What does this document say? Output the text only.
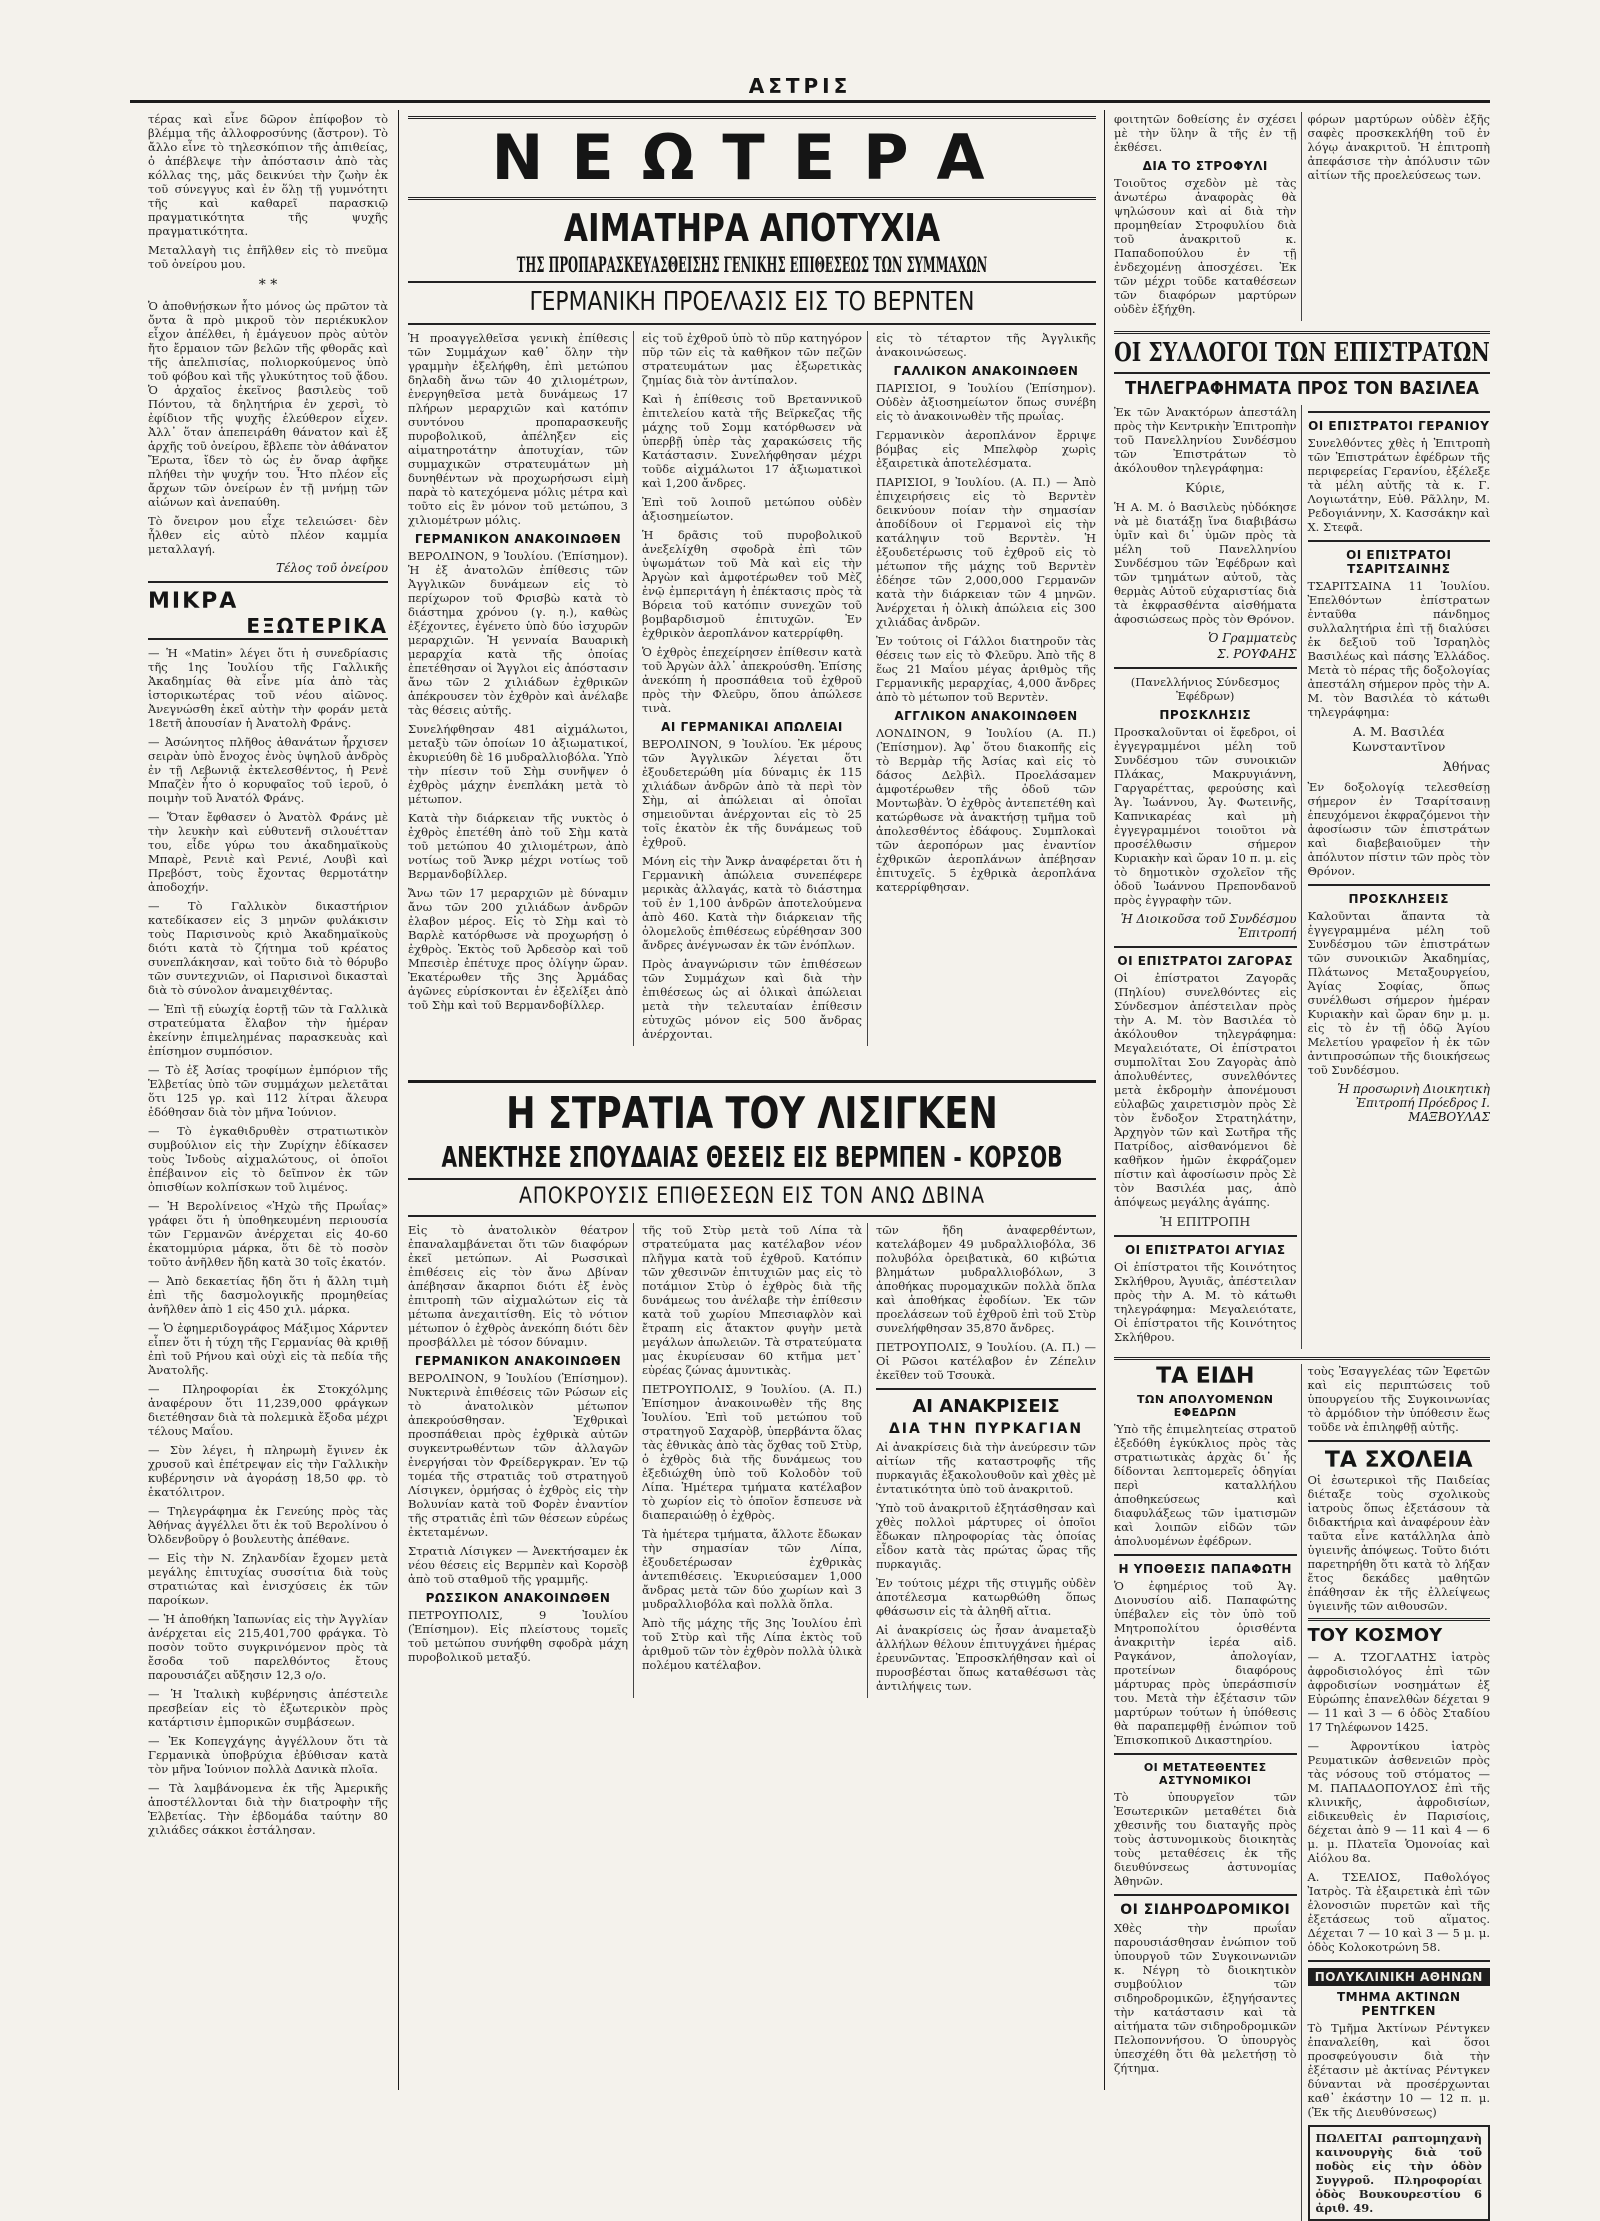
ΑΣΤΡΙΣ

τέρας καὶ εἶνε δῶρον ἐπίφοβον τὸ βλέμμα τῆς ἀλλοφροσύνης (ἄστρον). Τὸ ἄλλο εἶνε τὸ τηλεσκόπιον τῆς ἀπιθείας, ὁ ἀπέβλεψε τὴν ἀπόστασιν ἀπὸ τὰς κόλλας της, μᾶς δεικνύει τὴν ζωὴν ἐκ τοῦ σύνεγγυς καὶ ἐν ὅλῃ τῇ γυμνότητι τῆς καὶ καθαρεῖ παρασκιῷ πραγματικότητα τῆς ψυχῆς πραγματικότητα.

Μεταλλαγὴ τις ἐπῆλθεν εἰς τὸ πνεῦμα τοῦ ὀνείρου μου.

* *

Ὁ ἀποθνῄσκων ἦτο μόνος ὡς πρῶτον τὰ ὄντα ἃ πρὸ μικροῦ τὸν περιέκυκλον εἶχον ἀπέλθει, ἡ ἐμάγευον πρὸς αὐτὸν ἤτο ἔρμαιον τῶν βελῶν τῆς φθορᾶς καὶ τῆς ἀπελπισίας, πολιορκούμενος ὑπὸ τοῦ φόβου καὶ τῆς γλυκύτητος τοῦ ᾅδου. Ὁ ἀρχαῖος ἐκεῖνος βασιλεὺς τοῦ Πόντου, τὰ δηλητήρια ἐν χερσὶ, τὸ ἐφίδιον τῆς ψυχῆς ἐλεύθερον εἶχεν. Ἀλλ᾿ ὅταν ἀπεπειράθη θάνατον καὶ ἐξ ἀρχῆς τοῦ ὀνείρου, ἔβλεπε τὸν ἀθάνατον Ἔρωτα, ἴδεν τὸ ὡς ἐν ὄναρ ἀφῆκε πλήθει τὴν ψυχήν του. Ἦτο πλέον εἶς ἄρχων τῶν ὀνείρων ἐν τῇ μνήμῃ τῶν αἰώνων καὶ ἀνεπαύθη.

Τὸ ὄνειρον μου εἶχε τελειώσει· δὲν ἦλθεν εἰς αὐτὸ πλέον καμμία μεταλλαγή.

Τέλος τοῦ ὀνείρου

ΜΙΚΡΑ
ΕΞΩΤΕΡΙΚΑ

— Ἡ «Matin» λέγει ὅτι ἡ συνεδρίασις τῆς 1ης Ἰουλίου τῆς Γαλλικῆς Ἀκαδημίας θὰ εἶνε μία ἀπὸ τὰς ἱστορικωτέρας τοῦ νέου αἰῶνος. Ἀνεγνώσθη ἐκεῖ αὐτὴν τὴν φοράν μετὰ 18ετῆ ἀπουσίαν ἡ Ἀνατολὴ Φράνς.

— Ἀσώνητος πλῆθος ἀθανάτων ἦρχισεν σειρὰν ὑπὸ ἔνοχος ἐνὸς ὑψηλοῦ ἀνδρὸς ἐν τῇ Λεβωνιᾷ ἐκτελεσθέντος, ἡ Ρενὲ Μπαζὲν ἦτο ὁ κορυφαῖος τοῦ ἱεροῦ, ὁ ποιμὴν τοῦ Ἀνατόλ Φράνς.

— Ὅταν ἔφθασεν ὁ Ἀνατὸλ Φράνς μὲ τὴν λευκὴν καὶ εὐθυτενῆ σιλουέτταν του, εἶδε γύρω του ἀκαδημαϊκοὺς Μπαρὲ, Ρενιὲ καὶ Ρενιέ, Λουβὶ καὶ Πρεβόστ, τοὺς ἔχοντας θερμοτάτην ἀποδοχήν.

— Τὸ Γαλλικὸν δικαστήριον κατεδίκασεν εἰς 3 μηνῶν φυλάκισιν τοὺς Παρισινοὺς κριὸ Ἀκαδημαϊκοὺς διότι κατὰ τὸ ζήτημα τοῦ κρέατος συνεπλάκησαν, καὶ τοῦτο διὰ τὸ θόρυβο τῶν συντεχνιῶν, οἱ Παρισινοὶ δικασταὶ διὰ τὸ σύνολον ἀναμειχθέντας.

— Ἐπὶ τῇ εὐωχίᾳ ἑορτῇ τῶν τὰ Γαλλικὰ στρατεύματα ἔλαβον τὴν ἡμέραν ἐκείνην ἐπιμελημένας παρασκευὰς καὶ ἐπίσημον συμπόσιον.

— Τὸ ἐξ Ἀσίας τροφίμων ἐμπόριον τῆς Ἑλβετίας ὑπὸ τῶν συμμάχων μελετᾶται ὅτι 125 γρ. καὶ 112 λίτραι ἄλευρα ἐδόθησαν διὰ τὸν μῆνα Ἰούνιον.

— Τὸ ἐγκαθιδρυθὲν στρατιωτικὸν συμβούλιον εἰς τὴν Ζυρίχην ἐδίκασεν τοὺς Ἰνδοὺς αἰχμαλώτους, οἱ ὁποῖοι ἐπέβαινον εἰς τὸ δεῖπνον ἐκ τῶν ὀπισθίων κολπίσκων τοῦ λιμένος.

— Ἡ Βερολίνειος «Ἠχὼ τῆς Πρωΐας» γράφει ὅτι ἡ ὑποθηκευμένη περιουσία τῶν Γερμανῶν ἀνέρχεται εἰς 40-60 ἑκατομμύρια μάρκα, ὅτι δὲ τὸ ποσὸν τοῦτο ἀνῆλθεν ἤδη κατὰ 30 τοῖς ἑκατόν.

— Ἀπὸ δεκαετίας ἤδη ὅτι ἡ ἄλλη τιμὴ ἐπὶ τῆς δασμολογικῆς προμηθείας ἀνῆλθεν ἀπὸ 1 εἰς 450 χιλ. μάρκα.

— Ὁ ἐφημεριδογράφος Μάξιμος Χάρντεν εἶπεν ὅτι ἡ τύχη τῆς Γερμανίας θὰ κριθῇ ἐπὶ τοῦ Ρήνου καὶ οὐχὶ εἰς τὰ πεδία τῆς Ἀνατολῆς.

— Πληροφορίαι ἐκ Στοκχόλμης ἀναφέρουν ὅτι 11,239,000 φράγκων διετέθησαν διὰ τὰ πολεμικὰ ἔξοδα μέχρι τέλους Μαΐου.

— Σὺν λέγει, ἡ πληρωμὴ ἔγινεν ἐκ χρυσοῦ καὶ ἐπέτρεψαν εἰς τὴν Γαλλικὴν κυβέρνησιν νὰ ἀγοράσῃ 18,50 φρ. τὸ ἑκατόλιτρον.

— Τηλεγράφημα ἐκ Γενεύης πρὸς τὰς Ἀθήνας ἀγγέλλει ὅτι ἐκ τοῦ Βερολίνου ὁ Ὀλδενβοῦργ ὁ βουλευτὴς ἀπέθανε.

— Εἰς τὴν Ν. Ζηλανδίαν ἔχομεν μετὰ μεγάλης ἐπιτυχίας συσσίτια διὰ τοὺς στρατιώτας καὶ ἐνισχύσεις ἐκ τῶν παροίκων.

— Ἡ ἀποθήκη Ἰαπωνίας εἰς τὴν Ἀγγλίαν ἀνέρχεται εἰς 215,401,700 φράγκα. Τὸ ποσὸν τοῦτο συγκρινόμενον πρὸς τὰ ἔσοδα τοῦ παρελθόντος ἔτους παρουσιάζει αὔξησιν 12,3 ο/ο.

— Ἡ Ἰταλικὴ κυβέρνησις ἀπέστειλε πρεσβείαν εἰς τὸ ἐξωτερικὸν πρὸς κατάρτισιν ἐμπορικῶν συμβάσεων.

— Ἐκ Κοπεγχάγης ἀγγέλλουν ὅτι τὰ Γερμανικὰ ὑποβρύχια ἐβύθισαν κατὰ τὸν μῆνα Ἰούνιον πολλὰ Δανικὰ πλοῖα.

— Τὰ λαμβάνομενα ἐκ τῆς Ἀμερικῆς ἀποστέλλονται διὰ τὴν διατροφὴν τῆς Ἑλβετίας. Τὴν ἐβδομάδα ταύτην 80 χιλιάδες σάκκοι ἐστάλησαν.

ΝΕΩΤΕΡΑ

ΑΙΜΑΤΗΡΑ ΑΠΟΤΥΧΙΑ

ΤΗΣ ΠΡΟΠΑΡΑΣΚΕΥΑΣΘΕΙΣΗΣ ΓΕΝΙΚΗΣ ΕΠΙΘΕΣΕΩΣ ΤΩΝ ΣΥΜΜΑΧΩΝ

ΓΕΡΜΑΝΙΚΗ ΠΡΟΕΛΑΣΙΣ ΕΙΣ ΤΟ ΒΕΡΝΤΕΝ

Ἡ προαγγελθεῖσα γενικὴ ἐπίθεσις τῶν Συμμάχων καθ᾿ ὅλην τὴν γραμμὴν ἐξελήφθη, ἐπὶ μετώπου δηλαδὴ ἄνω τῶν 40 χιλιομέτρων, ἐνεργηθεῖσα μετὰ δυνάμεως 17 πλήρων μεραρχιῶν καὶ κατόπιν συντόνου προπαρασκευῆς πυροβολικοῦ, ἀπέληξεν εἰς αἱματηροτάτην ἀποτυχίαν, τῶν συμμαχικῶν στρατευμάτων μὴ δυνηθέντων νὰ προχωρήσωσι εἰμὴ παρὰ τὸ κατεχόμενα μόλις μέτρα καὶ τοῦτο εἰς ἓν μόνον τοῦ μετώπου, 3 χιλιομέτρων μόλις.

ΓΕΡΜΑΝΙΚΟΝ ΑΝΑΚΟΙΝΩΘΕΝ

ΒΕΡΟΛΙΝΟΝ, 9 Ἰουλίου. (Ἐπίσημον). Ἡ ἐξ ἀνατολῶν ἐπίθεσις τῶν Ἀγγλικῶν δυνάμεων εἰς τὸ περίχωρον τοῦ Φρισβὼ κατὰ τὸ διάστημα χρόνου (γ. η.), καθὼς ἐξέχοντες, ἐγένετο ὑπὸ δύο ἰσχυρῶν μεραρχιῶν. Ἡ γενναία Βαυαρικὴ μεραρχία κατὰ τῆς ὁποίας ἐπετέθησαν οἱ Ἄγγλοι εἰς ἀπόστασιν ἄνω τῶν 2 χιλιάδων ἐχθρικῶν ἀπέκρουσεν τὸν ἐχθρὸν καὶ ἀνέλαβε τὰς θέσεις αὐτῆς.

Συνελήφθησαν 481 αἰχμάλωτοι, μεταξὺ τῶν ὁποίων 10 ἀξιωματικοί, ἐκυριεύθη δὲ 16 μυδραλλιοβόλα. Ὑπὸ τὴν πίεσιν τοῦ Σὴμ συνῆψεν ὁ ἐχθρὸς μάχην ἐνεπλάκη μετὰ τὸ μέτωπον.

Κατὰ τὴν διάρκειαν τῆς νυκτὸς ὁ ἐχθρὸς ἐπετέθη ἀπὸ τοῦ Σὴμ κατὰ τοῦ μετώπου 40 χιλιομέτρων, ἀπὸ νοτίως τοῦ Ἄνκρ μέχρι νοτίως τοῦ Βερμανδοβίλλερ.

Ἄνω τῶν 17 μεραρχιῶν μὲ δύναμιν ἄνω τῶν 200 χιλιάδων ἀνδρῶν ἐλαβον μέρος. Εἰς τὸ Σὴμ καὶ τὸ Βαρλὲ κατόρθωσε νὰ προχωρήσῃ ὁ ἐχθρὸς. Ἐκτὸς τοῦ Ἀρδεσὸρ καὶ τοῦ Μπεσιὲρ ἐπέτυχε προς ὀλίγην ὥραν. Ἐκατέρωθεν τῆς 3ης Ἀρμάδας ἀγῶνες εὑρίσκονται ἐν ἐξελίξει ἀπὸ τοῦ Σὴμ καὶ τοῦ Βερμανδοβίλλερ.

εἰς τοῦ ἐχθροῦ ὑπὸ τὸ πῦρ κατηγόρον πῦρ τῶν εἰς τὰ καθῆκον τῶν πεζῶν στρατευμάτων μας ἐξωρετικὰς ζημίας διὰ τὸν ἀντίπαλον.

Καὶ ἡ ἐπίθεσις τοῦ Βρεταννικοῦ ἐπιτελείου κατὰ τῆς Βεϊρκεζας τῆς μάχης τοῦ Σομμ κατόρθωσεν νὰ ὑπερβῇ ὑπὲρ τὰς χαρακώσεις τῆς Κατάστασιν. Συνελήφθησαν μέχρι τοῦδε αἰχμάλωτοι 17 ἀξιωματικοὶ καὶ 1,200 ἄνδρες.

Ἐπὶ τοῦ λοιποῦ μετώπου οὐδὲν ἀξιοσημείωτον.

Ἡ δρᾶσις τοῦ πυροβολικοῦ ἀνεξελίχθη σφοδρὰ ἐπὶ τῶν ὑψωμάτων τοῦ Μὰ καὶ εἰς τὴν Ἀργὼν καὶ ἀμφοτέρωθεν τοῦ Μὲζ ἐνῷ ἐμπεριτάγη ἡ ἐπέκτασις πρὸς τὰ Βόρεια τοῦ κατόπιν συνεχῶν τοῦ βομβαρδισμοῦ ἐπιτυχῶν. Ἐν ἐχθρικὸν ἀεροπλάνον κατερρίφθη.

Ὁ ἐχθρὸς ἐπεχείρησεν ἐπίθεσιν κατὰ τοῦ Ἀργὼν ἀλλ᾿ ἀπεκρούσθη. Ἐπίσης ἀνεκόπη ἡ προσπάθεια τοῦ ἐχθροῦ πρὸς τὴν Φλεῦρυ, ὅπου ἀπώλεσε τινὰ.

ΑΙ ΓΕΡΜΑΝΙΚΑΙ ΑΠΩΛΕΙΑΙ

ΒΕΡΟΛΙΝΟΝ, 9 Ἰουλίου. Ἐκ μέρους τῶν Ἀγγλικῶν λέγεται ὅτι ἐξουδετερώθη μία δύναμις ἐκ 115 χιλιάδων ἀνδρῶν ἀπὸ τὰ περὶ τὸν Σὴμ, αἱ ἀπώλειαι αἱ ὁποῖαι σημειοῦνται ἀνέρχονται εἰς τὸ 25 τοῖς ἑκατὸν ἐκ τῆς δυνάμεως τοῦ ἐχθροῦ.

Μόνη εἰς τὴν Ἄνκρ ἀναφέρεται ὅτι ἡ Γερμανικὴ ἀπώλεια συνεπέφερε μερικὰς ἀλλαγάς, κατὰ τὸ διάστημα τοῦ ἐν 1,100 ἀνδρῶν ἀποτελούμενα ἀπὸ 460. Κατὰ τὴν διάρκειαν τῆς ὁλομελοῦς ἐπιθέσεως εὑρέθησαν 300 ἄνδρες ἀνέγνωσαν ἐκ τῶν ἑνόπλων.

Πρὸς ἀναγνώρισιν τῶν ἐπιθέσεων τῶν Συμμάχων καὶ διὰ τὴν ἐπιθέσεως ὡς αἱ ὁλικαὶ ἀπώλειαι μετὰ τὴν τελευταίαν ἐπίθεσιν εὐτυχῶς μόνον εἰς 500 ἄνδρας ἀνέρχονται.

εἰς τὸ τέταρτον τῆς Ἀγγλικῆς ἀνακοινώσεως.

ΓΑΛΛΙΚΟΝ ΑΝΑΚΟΙΝΩΘΕΝ

ΠΑΡΙΣΙΟΙ, 9 Ἰουλίου (Ἐπίσημον). Οὐδὲν ἀξιοσημείωτον ὅπως συνέβη εἰς τὸ ἀνακοινωθὲν τῆς πρωΐας.

Γερμανικὸν ἀεροπλάνον ἔρριψε βόμβας εἰς Μπελφὸρ χωρὶς ἐξαιρετικὰ ἀποτελέσματα.

ΠΑΡΙΣΙΟΙ, 9 Ἰουλίου. (Α. Π.) — Ἀπὸ ἐπιχειρήσεις εἰς τὸ Βερντὲν δεικνύουν ποίαν τὴν σημασίαν ἀποδίδουν οἱ Γερμανοὶ εἰς τὴν κατάληψιν τοῦ Βερντὲν. Ἡ ἐξουδετέρωσις τοῦ ἐχθροῦ εἰς τὸ μέτωπον τῆς μάχης τοῦ Βερντὲν ἐδέησε τῶν 2,000,000 Γερμανῶν κατὰ τὴν διάρκειαν τῶν 4 μηνῶν. Ἀνέρχεται ἡ ὀλικὴ ἀπώλεια εἰς 300 χιλιάδας ἀνδρῶν.

Ἐν τούτοις οἱ Γάλλοι διατηροῦν τὰς θέσεις των εἰς τὸ Φλεῦρυ. Ἀπὸ τῆς 8 ἕως 21 Μαΐου μέγας ἀριθμὸς τῆς Γερμανικῆς μεραρχίας, 4,000 ἄνδρες ἀπὸ τὸ μέτωπον τοῦ Βερντὲν.

ΑΓΓΛΙΚΟΝ ΑΝΑΚΟΙΝΩΘΕΝ

ΛΟΝΔΙΝΟΝ, 9 Ἰουλίου (Α. Π.) (Ἐπίσημον). Ἀφ᾿ ὅτου διακοπῆς εἰς τὸ Βερμὰρ τῆς Ἀσίας καὶ εἰς τὸ δάσος Δελβὶλ. Προελάσαμεν ἀμφοτέρωθεν τῆς ὁδοῦ τῶν Μοντωβὰν. Ὁ ἐχθρὸς ἀντεπετέθη καὶ κατώρθωσε νὰ ἀνακτήσῃ τμῆμα τοῦ ἀπολεσθέντος ἐδάφους. Συμπλοκαὶ τῶν ἀεροπόρων μας ἐναντίον ἐχθρικῶν ἀεροπλάνων ἀπέβησαν ἐπιτυχεῖς. 5 ἐχθρικὰ ἀεροπλάνα κατερρίφθησαν.

Η ΣΤΡΑΤΙΑ ΤΟΥ ΛΙΣΙΓΚΕΝ

ΑΝΕΚΤΗΣΕ ΣΠΟΥΔΑΙΑΣ ΘΕΣΕΙΣ ΕΙΣ ΒΕΡΜΠΕΝ - ΚΟΡΣΟΒ

ΑΠΟΚΡΟΥΣΙΣ ΕΠΙΘΕΣΕΩΝ ΕΙΣ ΤΟΝ ΑΝΩ ΔΒΙΝΑ

Εἰς τὸ ἀνατολικὸν θέατρον ἐπαναλαμβάνεται ὅτι τῶν διαφόρων ἐκεῖ μετώπων. Αἱ Ρωσσικαὶ ἐπιθέσεις εἰς τὸν ἄνω Δβίναν ἀπέβησαν ἄκαρποι διότι ἐξ ἑνὸς ἐπιτροπὴ τῶν αἰχμαλώτων εἰς τὰ μέτωπα ἀνεχαιτίσθη. Εἰς τὸ νότιον μέτωπον ὁ ἐχθρὸς ἀνεκόπη διότι δὲν προσβάλλει μὲ τόσον δύναμιν.

ΓΕΡΜΑΝΙΚΟΝ ΑΝΑΚΟΙΝΩΘΕΝ

ΒΕΡΟΛΙΝΟΝ, 9 Ἰουλίου (Ἐπίσημον). Νυκτερινὰ ἐπιθέσεις τῶν Ρώσων εἰς τὸ ἀνατολικὸν μέτωπον ἀπεκρούσθησαν. Ἐχθρικαὶ προσπάθειαι πρὸς ἐχθρικὰ αὐτῶν συγκεντρωθέντων τῶν ἀλλαγῶν ἐνεργήσαι τὸν Φρείδεργκραν. Ἐν τῷ τομέα τῆς στρατιᾶς τοῦ στρατηγοῦ Λίσιγκεν, ὁρμήσας ὁ ἐχθρὸς εἰς τὴν Βολυνίαν κατὰ τοῦ Φορὲν ἐναντίον τῆς στρατιᾶς ἐπὶ τῶν θέσεων εὐρέως ἐκτεταμένων.

Στρατιὰ Λίσιγκεν — Ἀνεκτήσαμεν ἐκ νέου θέσεις εἰς Βερμπὲν καὶ Κορσὸβ ἀπὸ τοῦ σταθμοῦ τῆς γραμμῆς.

ΡΩΣΣΙΚΟΝ ΑΝΑΚΟΙΝΩΘΕΝ

ΠΕΤΡΟΥΠΟΛΙΣ, 9 Ἰουλίου (Ἐπίσημον). Εἰς πλείστους τομεῖς τοῦ μετώπου συνήφθη σφοδρὰ μάχη πυροβολικοῦ μεταξύ.

τῆς τοῦ Στὺρ μετὰ τοῦ Λίπα τὰ στρατεύματα μας κατέλαβον νέον πλῆγμα κατὰ τοῦ ἐχθροῦ. Κατόπιν τῶν χθεσινῶν ἐπιτυχιῶν μας εἰς τὸ ποτάμιον Στὺρ ὁ ἐχθρὸς διὰ τῆς δυνάμεως του ἀνέλαβε τὴν ἐπίθεσιν κατὰ τοῦ χωρίου Μπεσιαφλὸν καὶ ἔτραπη εἰς ἄτακτον φυγὴν μετὰ μεγάλων ἀπωλειῶν. Τὰ στρατεύματα μας ἐκυρίευσαν 60 κτῆμα μετ᾿ εὐρέας ζώνας ἀμυντικὰς.

ΠΕΤΡΟΥΠΟΛΙΣ, 9 Ἰουλίου. (Α. Π.) Ἐπίσημον ἀνακοινωθὲν τῆς 8ης Ἰουλίου. Ἐπὶ τοῦ μετώπου τοῦ στρατηγοῦ Σαχαρὸβ, ὑπερβάντα ὅλας τὰς ἐθνικὰς ἀπὸ τὰς ὅχθας τοῦ Στὺρ, ὁ ἐχθρὸς διὰ τῆς δυνάμεως του ἐξεδιώχθη ὑπὸ τοῦ Κολοδὸν τοῦ Λίπα. Ἡμέτερα τμήματα κατέλαβον τὸ χωρίον εἰς τὸ ὁποῖον ἔσπευσε νὰ διαπεραιώθῃ ὁ ἐχθρὸς.

Τὰ ἡμέτερα τμήματα, ἄλλοτε ἔδωκαν τὴν σημασίαν τῶν Λίπα, ἐξουδετέρωσαν ἐχθρικὰς ἀντεπιθέσεις. Ἐκυριεύσαμεν 1,000 ἄνδρας μετὰ τῶν δύο χωρίων καὶ 3 μυδραλλιοβόλα καὶ πολλὰ ὅπλα.

Ἀπὸ τῆς μάχης τῆς 3ης Ἰουλίου ἐπὶ τοῦ Στὺρ καὶ τῆς Λίπα ἐκτὸς τοῦ ἀριθμοῦ τῶν τὸν ἐχθρὸν πολλὰ ὑλικὰ πολέμου κατέλαβον.

τῶν ἤδη ἀναφερθέντων, κατελάβομεν 49 μυδραλλιοβόλα, 36 πολυβόλα ὀρειβατικὰ, 60 κιβώτια βλημάτων μυδραλλιοβόλων, 3 ἀποθήκας πυρομαχικῶν πολλὰ ὅπλα καὶ ἀποθήκας ἐφοδίων. Ἐκ τῶν προελάσεων τοῦ ἐχθροῦ ἐπὶ τοῦ Στὺρ συνελήφθησαν 35,870 ἄνδρες.

ΠΕΤΡΟΥΠΟΛΙΣ, 9 Ἰουλίου. (Α. Π.) — Οἱ Ρῶσοι κατέλαβον ἐν Ζέπελιν ἐκεῖθεν τοῦ Τσουκὰ.

ΑΙ ΑΝΑΚΡΙΣΕΙΣ

ΔΙΑ ΤΗΝ ΠΥΡΚΑΓΙΑΝ

Αἱ ἀνακρίσεις διὰ τὴν ἀνεύρεσιν τῶν αἰτίων τῆς καταστροφῆς τῆς πυρκαγιᾶς ἐξακολουθοῦν καὶ χθὲς μὲ ἐντατικότητα ὑπὸ τοῦ ἀνακριτοῦ.

Ὑπὸ τοῦ ἀνακριτοῦ ἐξητάσθησαν καὶ χθὲς πολλοὶ μάρτυρες οἱ ὁποῖοι ἔδωκαν πληροφορίας τὰς ὁποίας εἶδον κατὰ τὰς πρώτας ὥρας τῆς πυρκαγιᾶς.

Ἐν τούτοις μέχρι τῆς στιγμῆς οὐδὲν ἀποτέλεσμα κατωρθώθη ὅπως φθάσωσιν εἰς τὰ ἀληθῆ αἴτια.

Αἱ ἀνακρίσεις ὡς ἦσαν ἀναμεταξὺ ἀλλήλων θέλουν ἐπιτυγχάνει ἡμέρας ἐρευνῶντας. Ἐπροσκλήθησαν καὶ οἱ πυροσβέσται ὅπως καταθέσωσι τὰς ἀντιλήψεις των.

φοιτητῶν δοθείσης ἐν σχέσει μὲ τὴν ὕλην ἃ τῆς ἐν τῇ ἐκθέσει.

ΔΙΑ ΤΟ ΣΤΡΟΦΥΛΙ

Τοιοῦτος σχεδὸν μὲ τὰς ἀνωτέρω ἀναφορὰς θὰ ψηλώσουν καὶ αἱ διὰ τὴν προμηθείαν Στροφυλίου διὰ τοῦ ἀνακριτοῦ κ. Παπαδοπούλου ἐν τῇ ἐνδεχομένῃ ἀποσχέσει. Ἐκ τῶν μέχρι τοῦδε καταθέσεων τῶν διαφόρων μαρτύρων οὐδὲν ἐξήχθη.

φόρων μαρτύρων οὐδὲν ἐξῆς σαφὲς προσκεκλήθη τοῦ ἐν λόγῳ ἀνακριτοῦ. Ἡ ἐπιτροπὴ ἀπεφάσισε τὴν ἀπόλυσιν τῶν αἰτίων τῆς προελεύσεως των.

ΟΙ ΣΥΛΛΟΓΟΙ ΤΩΝ ΕΠΙΣΤΡΑΤΩΝ

ΤΗΛΕΓΡΑΦΗΜΑΤΑ ΠΡΟΣ ΤΟΝ ΒΑΣΙΛΕΑ

Ἐκ τῶν Ἀνακτόρων ἀπεστάλη πρὸς τὴν Κεντρικὴν Ἐπιτροπὴν τοῦ Πανελληνίου Συνδέσμου τῶν Ἐπιστράτων τὸ ἀκόλουθον τηλεγράφημα:

Κύριε,

Ἡ Α. Μ. ὁ Βασιλεὺς ηὐδόκησε νὰ μὲ διατάξῃ ἵνα διαβιβάσω ὑμῖν καὶ δι᾿ ὑμῶν πρὸς τὰ μέλη τοῦ Πανελληνίου Συνδέσμου τῶν Ἐφέδρων καὶ τῶν τμημάτων αὐτοῦ, τὰς θερμὰς Αὐτοῦ εὐχαριστίας διὰ τὰ ἐκφρασθέντα αἰσθήματα ἀφοσιώσεως πρὸς τὸν Θρόνον.

Ὁ Γραμματεὺς

Σ. ΡΟΥΦΑΗΣ

(Πανελλήνιος Σύνδεσμος Ἐφέδρων)

ΠΡΟΣΚΛΗΣΙΣ

Προσκαλοῦνται οἱ ἔφεδροι, οἱ ἐγγεγραμμένοι μέλη τοῦ Συνδέσμου τῶν συνοικιῶν Πλάκας, Μακρυγιάννη, Γαργαρέττας, φερούσης καὶ Ἁγ. Ἰωάννου, Ἁγ. Φωτεινῆς, Καπνικαρέας καὶ μὴ ἐγγεγραμμένοι τοιοῦτοι νὰ προσέλθωσιν σήμερον Κυριακὴν καὶ ὥραν 10 π. μ. εἰς τὸ δημοτικὸν σχολεῖον τῆς ὁδοῦ Ἰωάννου Πρεπονδανοῦ πρὸς ἐγγραφὴν τῶν.

Ἡ Διοικοῦσα τοῦ Συνδέσμου Ἐπιτροπή

ΟΙ ΕΠΙΣΤΡΑΤΟΙ ΖΑΓΟΡΑΣ

Οἱ ἐπίστρατοι Ζαγορᾶς (Πηλίου) συνελθόντες εἰς Σύνδεσμον ἀπέστειλαν πρὸς τὴν Α. Μ. τὸν Βασιλέα τὸ ἀκόλουθον τηλεγράφημα: Μεγαλειότατε, Οἱ ἐπίστρατοι συμπολῖται Σου Ζαγορὰς ἀπὸ ἀπολυθέντες, συνελθόντες μετὰ ἐκδρομὴν ἀπονέμουσι εὐλαβῶς χαιρετισμὸν πρὸς Σὲ τὸν ἔνδοξον Στρατηλάτην, Ἀρχηγὸν τῶν καὶ Σωτῆρα τῆς Πατρίδος, αἰσθανόμενοι δὲ καθῆκον ἡμῶν ἐκφράζομεν πίστιν καὶ ἀφοσίωσιν πρὸς Σὲ τὸν Βασιλέα μας, ἀπὸ ἀπόψεως μεγάλης ἀγάπης.

Ἡ ΕΠΙΤΡΟΠΗ

ΟΙ ΕΠΙΣΤΡΑΤΟΙ ΑΓΥΙΑΣ

Οἱ ἐπίστρατοι τῆς Κοινότητος Σκλήθρου, Ἀγυιᾶς, ἀπέστειλαν πρὸς τὴν Α. Μ. τὸ κάτωθι τηλεγράφημα: Μεγαλειότατε, Οἱ ἐπίστρατοι τῆς Κοινότητος Σκλήθρου.

ΟΙ ΕΠΙΣΤΡΑΤΟΙ ΓΕΡΑΝΙΟΥ

Συνελθόντες χθὲς ἡ Ἐπιτροπὴ τῶν Ἐπιστράτων ἐφέδρων τῆς περιφερείας Γερανίου, ἐξέλεξε τὰ μέλη αὐτῆς τὰ κ. Γ. Λογιωτάτην, Εὐθ. Ρᾶλλην, Μ. Ρεδογιάννην, Χ. Κασσάκην καὶ Χ. Στεφᾶ.

ΟΙ ΕΠΙΣΤΡΑΤΟΙ ΤΣΑΡΙΤΣΑΙΝΗΣ

ΤΣΑΡΙΤΣΑΙΝΑ 11 Ἰουλίου. Ἐπελθόντων ἐπίστρατων ἐνταῦθα πάνδημος συλλαλητήρια ἐπὶ τῇ διαλύσει ἐκ δεξιοῦ τοῦ Ἰσραηλὸς Βασιλέως καὶ πάσης Ἑλλάδος. Μετὰ τὸ πέρας τῆς δοξολογίας ἀπεστάλη σήμερον πρὸς τὴν Α. Μ. τὸν Βασιλέα τὸ κάτωθι τηλεγράφημα:

Α. Μ. Βασιλέα Κωνσταντῖνον

Ἀθήνας

Ἐν δοξολογίᾳ τελεσθείσῃ σήμερον ἐν Τσαρίτσαινῃ ἐπευχόμενοι ἐκφραζόμενοι τὴν ἀφοσίωσιν τῶν ἐπιστράτων καὶ διαβεβαιοῦμεν τὴν ἀπόλυτον πίστιν τῶν πρὸς τὸν Θρόνον.

ΠΡΟΣΚΛΗΣΕΙΣ

Καλοῦνται ἅπαντα τὰ ἐγγεγραμμένα μέλη τοῦ Συνδέσμου τῶν ἐπιστράτων τῶν συνοικιῶν Ἀκαδημίας, Πλάτωνος Μεταξουργείου, Ἀγίας Σοφίας, ὅπως συνέλθωσι σήμερον ἡμέραν Κυριακὴν καὶ ὥραν 6ην μ. μ. εἰς τὸ ἐν τῇ ὁδῷ Ἁγίου Μελετίου γραφεῖον ἡ ἐκ τῶν ἀντιπροσώπων τῆς διοικήσεως τοῦ Συνδέσμου.

Ἡ προσωρινὴ Διοικητικὴ Ἐπιτροπή Πρόεδρος Ι. ΜΑΞΒΟΥΛΑΣ

ΤΑ ΕΙΔΗ

ΤΩΝ ΑΠΟΛΥΟΜΕΝΩΝ ΕΦΕΔΡΩΝ

Ὑπὸ τῆς ἐπιμελητείας στρατοῦ ἐξεδόθη ἐγκύκλιος πρὸς τὰς στρατιωτικὰς ἀρχὰς δι᾿ ἧς δίδονται λεπτομερεῖς ὁδηγίαι περὶ καταλλήλου ἀποθηκεύσεως καὶ διαφυλάξεως τῶν ἱματισμῶν καὶ λοιπῶν εἰδῶν τῶν ἀπολυομένων ἐφέδρων.

Η ΥΠΟΘΕΣΙΣ ΠΑΠΑΦΩΤΗ

Ὁ ἐφημέριος τοῦ Ἁγ. Διονυσίου αἰδ. Παπαφώτης ὑπέβαλεν εἰς τὸν ὑπὸ τοῦ Μητροπολίτου ὁρισθέντα ἀνακριτὴν ἱερέα αἰδ. Ραγκάνον, ἀπολογίαν, προτείνων διαφόρους μάρτυρας πρὸς ὑπεράσπισίν του. Μετὰ τὴν ἐξέτασιν τῶν μαρτύρων τούτων ἡ ὑπόθεσις θὰ παραπεμφθῇ ἐνώπιον τοῦ Ἐπισκοπικοῦ Δικαστηρίου.

ΟΙ ΜΕΤΑΤΕΘΕΝΤΕΣ ΑΣΤΥΝΟΜΙΚΟΙ

Τὸ ὑπουργεῖον τῶν Ἐσωτερικῶν μεταθέτει διὰ χθεσινῆς του διαταγῆς πρὸς τοὺς ἀστυνομικοὺς διοικητὰς τοὺς μεταθέσεις ἐκ τῆς διευθύνσεως ἀστυνομίας Ἀθηνῶν.

ΟΙ ΣΙΔΗΡΟΔΡΟΜΙΚΟΙ

Χθὲς τὴν πρωΐαν παρουσιάσθησαν ἐνώπιον τοῦ ὑπουργοῦ τῶν Συγκοινωνιῶν κ. Νέγρη τὸ διοικητικὸν συμβούλιον τῶν σιδηροδρομικῶν, ἐξηγήσαντες τὴν κατάστασιν καὶ τὰ αἰτήματα τῶν σιδηροδρομικῶν Πελοποννήσου. Ὁ ὑπουργὸς ὑπεσχέθη ὅτι θὰ μελετήσῃ τὸ ζήτημα.

τοὺς Ἐσαγγελέας τῶν Ἐφετῶν καὶ εἰς περιπτώσεις τοῦ ὑπουργείου τῆς Συγκοινωνίας τὸ ἀρμόδιον τὴν ὑπόθεσιν ἕως τοῦδε νὰ ἐπιληφθῇ αὐτῆς.

ΤΑ ΣΧΟΛΕΙΑ

Οἱ ἐσωτερικοὶ τῆς Παιδείας διέταξε τοὺς σχολικοὺς ἰατροὺς ὅπως ἐξετάσουν τὰ διδακτήρια καὶ ἀναφέρουν ἐὰν ταῦτα εἶνε κατάλληλα ἀπὸ ὑγιεινῆς ἀπόψεως. Τοῦτο διότι παρετηρήθη ὅτι κατὰ τὸ λήξαν ἔτος δεκάδες μαθητῶν ἐπάθησαν ἐκ τῆς ἐλλείψεως ὑγιεινῆς τῶν αιθουσῶν.

ΤΟΥ ΚΟΣΜΟΥ

— Α. ΤΖΟΓΛΑΤΗΣ ἰατρὸς ἀφροδισιολόγος ἐπὶ τῶν ἀφροδισίων νοσημάτων ἐξ Εὐρώπης ἐπανελθὼν δέχεται 9 — 11 καὶ 3 — 6 ὁδὸς Σταδίου 17 Τηλέφωνον 1425.

— Ἀφροντίκου ἱατρὸς Ρευματικῶν ἀσθενειῶν πρὸς τὰς νόσους τοῦ στόματος — Μ. ΠΑΠΑΔΟΠΟΥΛΟΣ ἐπὶ τῆς κλινικῆς, ἀφροδισίων, εἰδικευθεὶς ἐν Παρισίοις, δέχεται ἀπὸ 9 — 11 καὶ 4 — 6 μ. μ. Πλατεῖα Ὁμονοίας καὶ Αἰόλου 8α.

Α. ΤΣΕΛΙΟΣ, Παθολόγος Ἰατρὸς. Τὰ ἐξαιρετικὰ ἐπὶ τῶν ἐλονοσιῶν πυρετῶν καὶ τῆς ἐξετάσεως τοῦ αἵματος. Δέχεται 7 — 10 καὶ 3 — 5 μ. μ. ὁδὸς Κολοκοτρώνη 58.

ΠΟΛΥΚΛΙΝΙΚΗ ΑΘΗΝΩΝ

ΤΜΗΜΑ ΑΚΤΙΝΩΝ ΡΕΝΤΓΚΕΝ

Τὸ Τμῆμα Ἀκτίνων Ρέντγκεν ἐπαναλείθη, καὶ ὅσοι προσφεύγουσιν διὰ τὴν ἐξέτασιν μὲ ἀκτίνας Ρέντγκεν δύνανται νὰ προσέρχωνται καθ᾿ ἑκάστην 10 — 12 π. μ. (Ἐκ τῆς Διευθύνσεως)

ΠΩΛΕΙΤΑΙ ραπτομηχανὴ καινουργὴς διὰ τοῦ ποδὸς εἰς τὴν ὁδὸν Συγγροῦ. Πληροφορίαι ὁδὸς Βουκουρεστίου 6 ἀριθ. 49.
